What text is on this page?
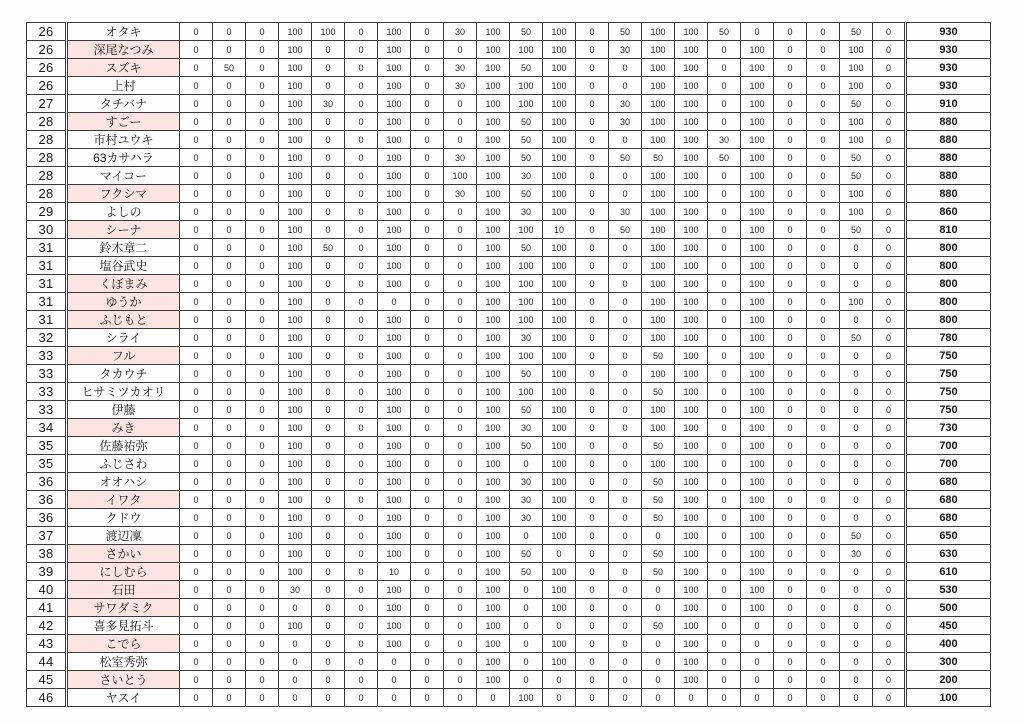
26	オタキ	0	0	0	100	100	0	100	0	30	100	50	100	0	50	100	100	50	0	0	0	50	0	930
26	深尾なつみ	0	0	0	100	0	0	100	0	0	100	100	100	0	30	100	100	0	100	0	0	100	0	930
26	スズキ	0	50	0	100	0	0	100	0	30	100	50	100	0	0	100	100	0	100	0	0	100	0	930
26	上村	0	0	0	100	0	0	100	0	30	100	100	100	0	0	100	100	0	100	0	0	100	0	930
27	タチバナ	0	0	0	100	30	0	100	0	0	100	100	100	0	30	100	100	0	100	0	0	50	0	910
28	すごー	0	0	0	100	0	0	100	0	0	100	50	100	0	30	100	100	0	100	0	0	100	0	880
28	市村ユウキ	0	0	0	100	0	0	100	0	0	100	50	100	0	0	100	100	30	100	0	0	100	0	880
28	63カサハラ	0	0	0	100	0	0	100	0	30	100	50	100	0	50	50	100	50	100	0	0	50	0	880
28	マイコー	0	0	0	100	0	0	100	0	100	100	30	100	0	0	100	100	0	100	0	0	50	0	880
28	フクシマ	0	0	0	100	0	0	100	0	30	100	50	100	0	0	100	100	0	100	0	0	100	0	880
29	よしの	0	0	0	100	0	0	100	0	0	100	30	100	0	30	100	100	0	100	0	0	100	0	860
30	シーナ	0	0	0	100	0	0	100	0	0	100	100	10	0	50	100	100	0	100	0	0	50	0	810
31	鈴木章二	0	0	0	100	50	0	100	0	0	100	50	100	0	0	100	100	0	100	0	0	0	0	800
31	塩谷武史	0	0	0	100	0	0	100	0	0	100	100	100	0	0	100	100	0	100	0	0	0	0	800
31	くぼまみ	0	0	0	100	0	0	100	0	0	100	100	100	0	0	100	100	0	100	0	0	0	0	800
31	ゆうか	0	0	0	100	0	0	0	0	0	100	100	100	0	0	100	100	0	100	0	0	100	0	800
31	ふじもと	0	0	0	100	0	0	100	0	0	100	100	100	0	0	100	100	0	100	0	0	0	0	800
32	シライ	0	0	0	100	0	0	100	0	0	100	30	100	0	0	100	100	0	100	0	0	50	0	780
33	フル	0	0	0	100	0	0	100	0	0	100	100	100	0	0	50	100	0	100	0	0	0	0	750
33	タカウチ	0	0	0	100	0	0	100	0	0	100	50	100	0	0	100	100	0	100	0	0	0	0	750
33	ヒサミツカオリ	0	0	0	100	0	0	100	0	0	100	100	100	0	0	50	100	0	100	0	0	0	0	750
33	伊藤	0	0	0	100	0	0	100	0	0	100	50	100	0	0	100	100	0	100	0	0	0	0	750
34	みき	0	0	0	100	0	0	100	0	0	100	30	100	0	0	100	100	0	100	0	0	0	0	730
35	佐藤祐弥	0	0	0	100	0	0	100	0	0	100	50	100	0	0	50	100	0	100	0	0	0	0	700
35	ふじさわ	0	0	0	100	0	0	100	0	0	100	0	100	0	0	100	100	0	100	0	0	0	0	700
36	オオハシ	0	0	0	100	0	0	100	0	0	100	30	100	0	0	50	100	0	100	0	0	0	0	680
36	イワタ	0	0	0	100	0	0	100	0	0	100	30	100	0	0	50	100	0	100	0	0	0	0	680
36	クドウ	0	0	0	100	0	0	100	0	0	100	30	100	0	0	50	100	0	100	0	0	0	0	680
37	渡辺凜	0	0	0	100	0	0	100	0	0	100	0	100	0	0	0	100	0	100	0	0	50	0	650
38	さかい	0	0	0	100	0	0	100	0	0	100	50	0	0	0	50	100	0	100	0	0	30	0	630
39	にしむら	0	0	0	100	0	0	10	0	0	100	50	100	0	0	50	100	0	100	0	0	0	0	610
40	石田	0	0	0	30	0	0	100	0	0	100	0	100	0	0	0	100	0	100	0	0	0	0	530
41	サワダミク	0	0	0	0	0	0	100	0	0	100	0	100	0	0	0	100	0	100	0	0	0	0	500
42	喜多見拓斗	0	0	0	100	0	0	100	0	0	100	0	0	0	0	50	100	0	0	0	0	0	0	450
43	こでら	0	0	0	0	0	0	100	0	0	100	0	100	0	0	0	100	0	0	0	0	0	0	400
44	松室秀弥	0	0	0	0	0	0	0	0	0	100	0	100	0	0	0	100	0	0	0	0	0	0	300
45	さいとう	0	0	0	0	0	0	0	0	0	100	0	0	0	0	0	100	0	0	0	0	0	0	200
46	ヤスイ	0	0	0	0	0	0	0	0	0	0	100	0	0	0	0	0	0	0	0	0	0	0	100
